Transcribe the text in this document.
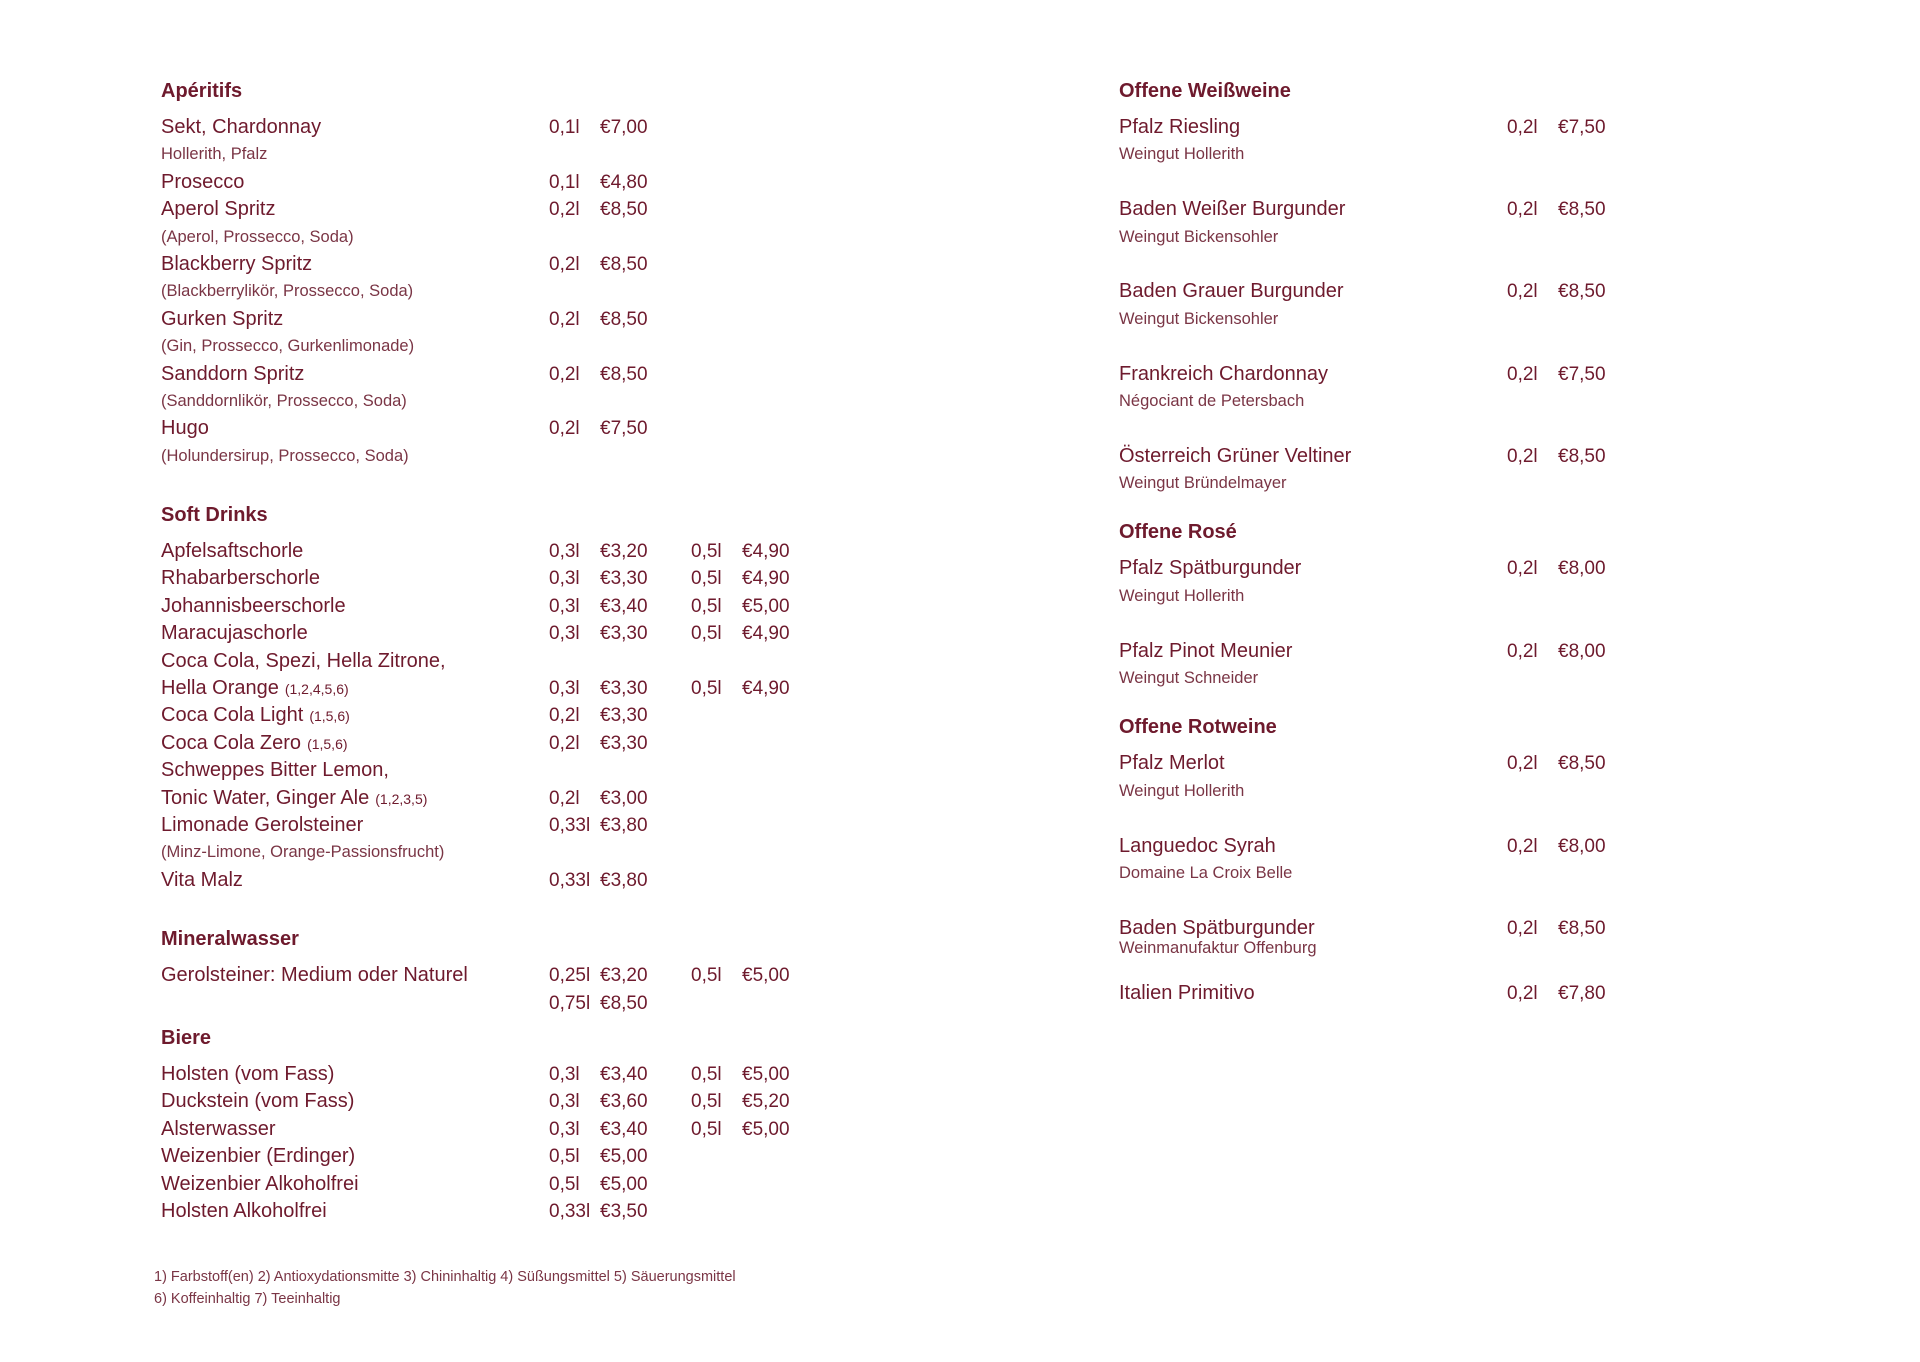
Apéritifs
Sekt, Chardonnay	0,1l	€7,00
Hollerith, Pfalz
Prosecco	0,1l	€4,80
Aperol Spritz	0,2l	€8,50
(Aperol, Prossecco, Soda)
Blackberry Spritz	0,2l	€8,50
(Blackberrylikör, Prossecco, Soda)
Gurken Spritz	0,2l	€8,50
(Gin, Prossecco, Gurkenlimonade)
Sanddorn Spritz	0,2l	€8,50
(Sanddornlikör, Prossecco, Soda)
Hugo	0,2l	€7,50
(Holundersirup, Prossecco, Soda)
Soft Drinks
Apfelsaftschorle	0,3l	€3,20	0,5l	€4,90
Rhabarberschorle	0,3l	€3,30	0,5l	€4,90
Johannisbeerschorle	0,3l	€3,40	0,5l	€5,00
Maracujaschorle	0,3l	€3,30	0,5l	€4,90
Coca Cola, Spezi, Hella Zitrone,
Hella Orange (1,2,4,5,6)	0,3l	€3,30	0,5l	€4,90
Coca Cola Light (1,5,6)	0,2l	€3,30
Coca Cola Zero (1,5,6)	0,2l	€3,30
Schweppes Bitter Lemon,
Tonic Water, Ginger Ale (1,2,3,5)	0,2l	€3,00
Limonade Gerolsteiner	0,33l €3,80
(Minz-Limone, Orange-Passionsfrucht)
Vita Malz	0,33l €3,80
Mineralwasser
Gerolsteiner: Medium oder Naturel	0,25l €3,20	0,5l	€5,00
0,75l €8,50
Biere
Holsten (vom Fass)	0,3l	€3,40	0,5l	€5,00
Duckstein (vom Fass)	0,3l	€3,60	0,5l	€5,20
Alsterwasser	0,3l	€3,40	0,5l	€5,00
Weizenbier (Erdinger)	0,5l	€5,00
Weizenbier Alkoholfrei	0,5l	€5,00
Holsten Alkoholfrei	0,33l €3,50
Offene Weißweine
Pfalz Riesling	0,2l	€7,50
Weingut Hollerith
Baden Weißer Burgunder	0,2l	€8,50
Weingut Bickensohler
Baden Grauer Burgunder	0,2l	€8,50
Weingut Bickensohler
Frankreich Chardonnay	0,2l	€7,50
Négociant de Petersbach
Österreich Grüner Veltiner	0,2l	€8,50
Weingut Bründelmayer
Offene Rosé
Pfalz Spätburgunder	0,2l	€8,00
Weingut Hollerith
Pfalz Pinot Meunier	0,2l	€8,00
Weingut Schneider
Offene Rotweine
Pfalz Merlot	0,2l	€8,50
Weingut Hollerith
Languedoc Syrah	0,2l	€8,00
Domaine La Croix Belle
Baden Spätburgunder	0,2l	€8,50
Weinmanufaktur Offenburg
Italien Primitivo	0,2l	€7,80
1) Farbstoff(en) 2) Antioxydationsmitte 3) Chininhaltig 4) Süßungsmittel 5) Säuerungsmittel
6) Koffeinhaltig 7) Teeinhaltig
